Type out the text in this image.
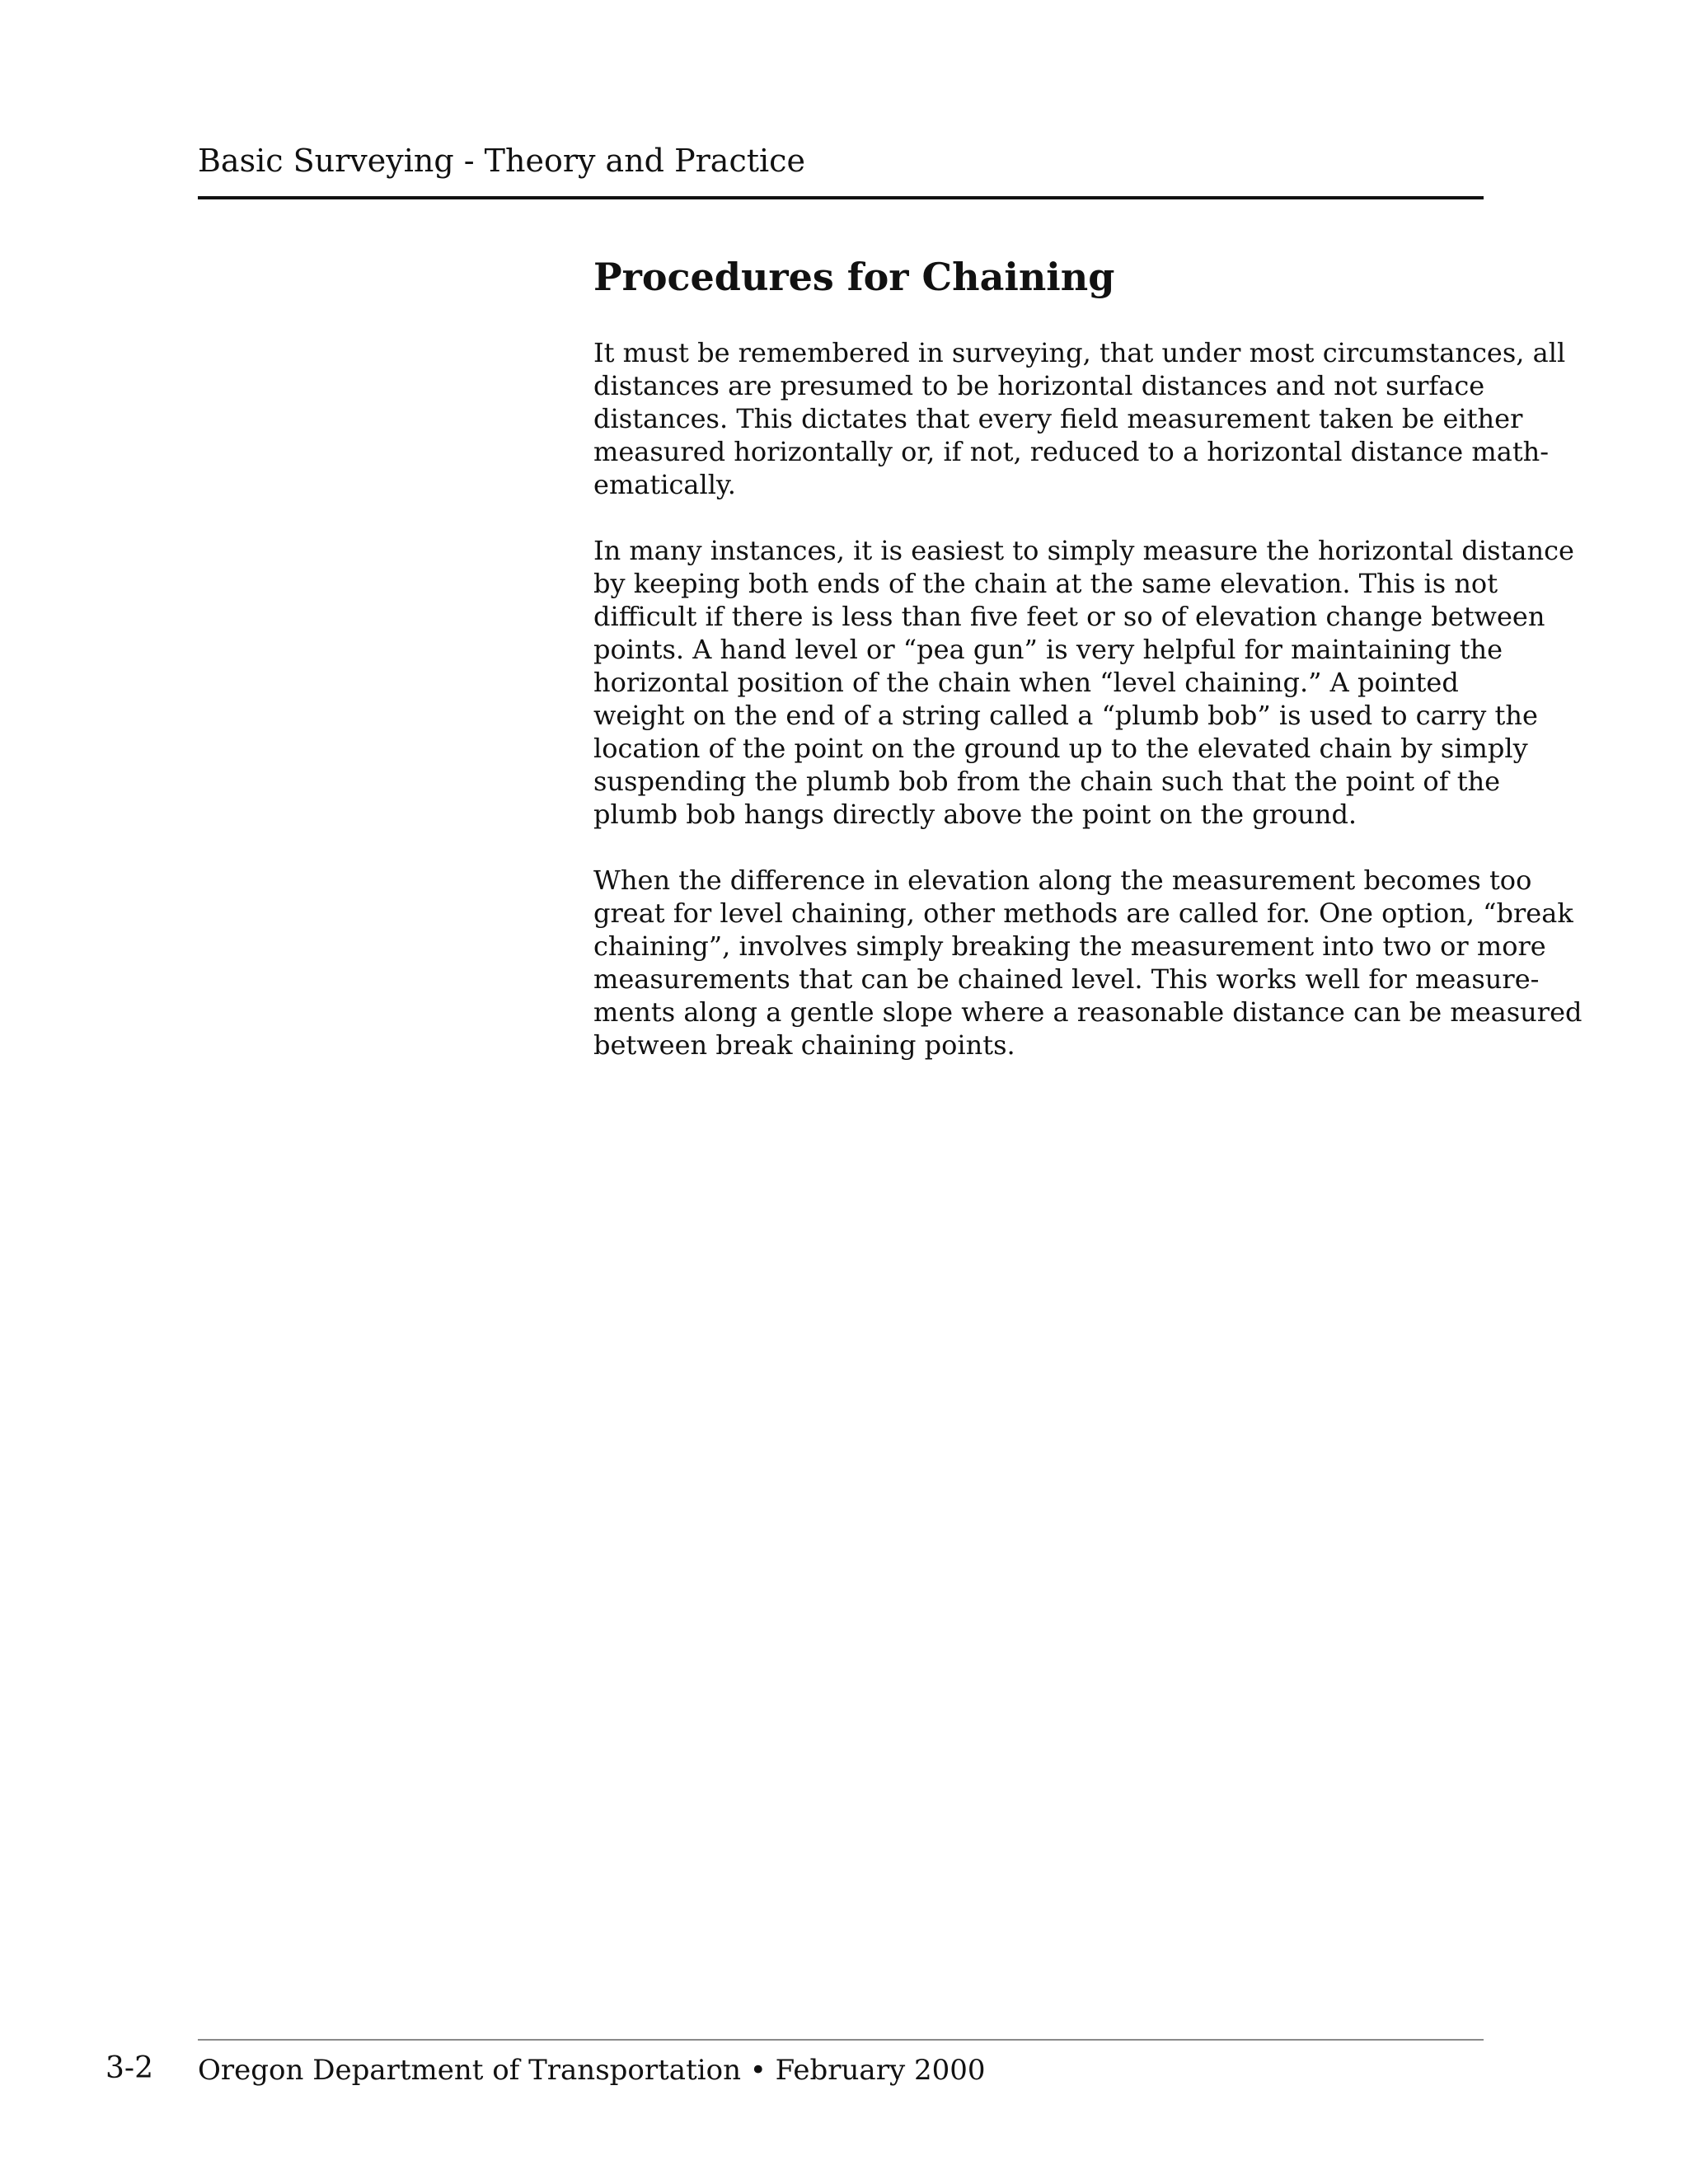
Basic Surveying - Theory and Practice
Procedures for Chaining

It must be remembered in surveying, that under most circumstances, all
distances are presumed to be horizontal distances and not surface
distances. This dictates that every field measurement taken be either
measured horizontally or, if not, reduced to a horizontal distance math-
ematically.

In many instances, it is easiest to simply measure the horizontal distance
by keeping both ends of the chain at the same elevation. This is not
difficult if there is less than five feet or so of elevation change between
points. A hand level or “pea gun” is very helpful for maintaining the
horizontal position of the chain when “level chaining.” A pointed
weight on the end of a string called a “plumb bob” is used to carry the
location of the point on the ground up to the elevated chain by simply
suspending the plumb bob from the chain such that the point of the
plumb bob hangs directly above the point on the ground.

When the difference in elevation along the measurement becomes too
great for level chaining, other methods are called for. One option, “break
chaining”, involves simply breaking the measurement into two or more
measurements that can be chained level. This works well for measure-
ments along a gentle slope where a reasonable distance can be measured
between break chaining points.

3-2 Oregon Department of Transportation • February 2000
